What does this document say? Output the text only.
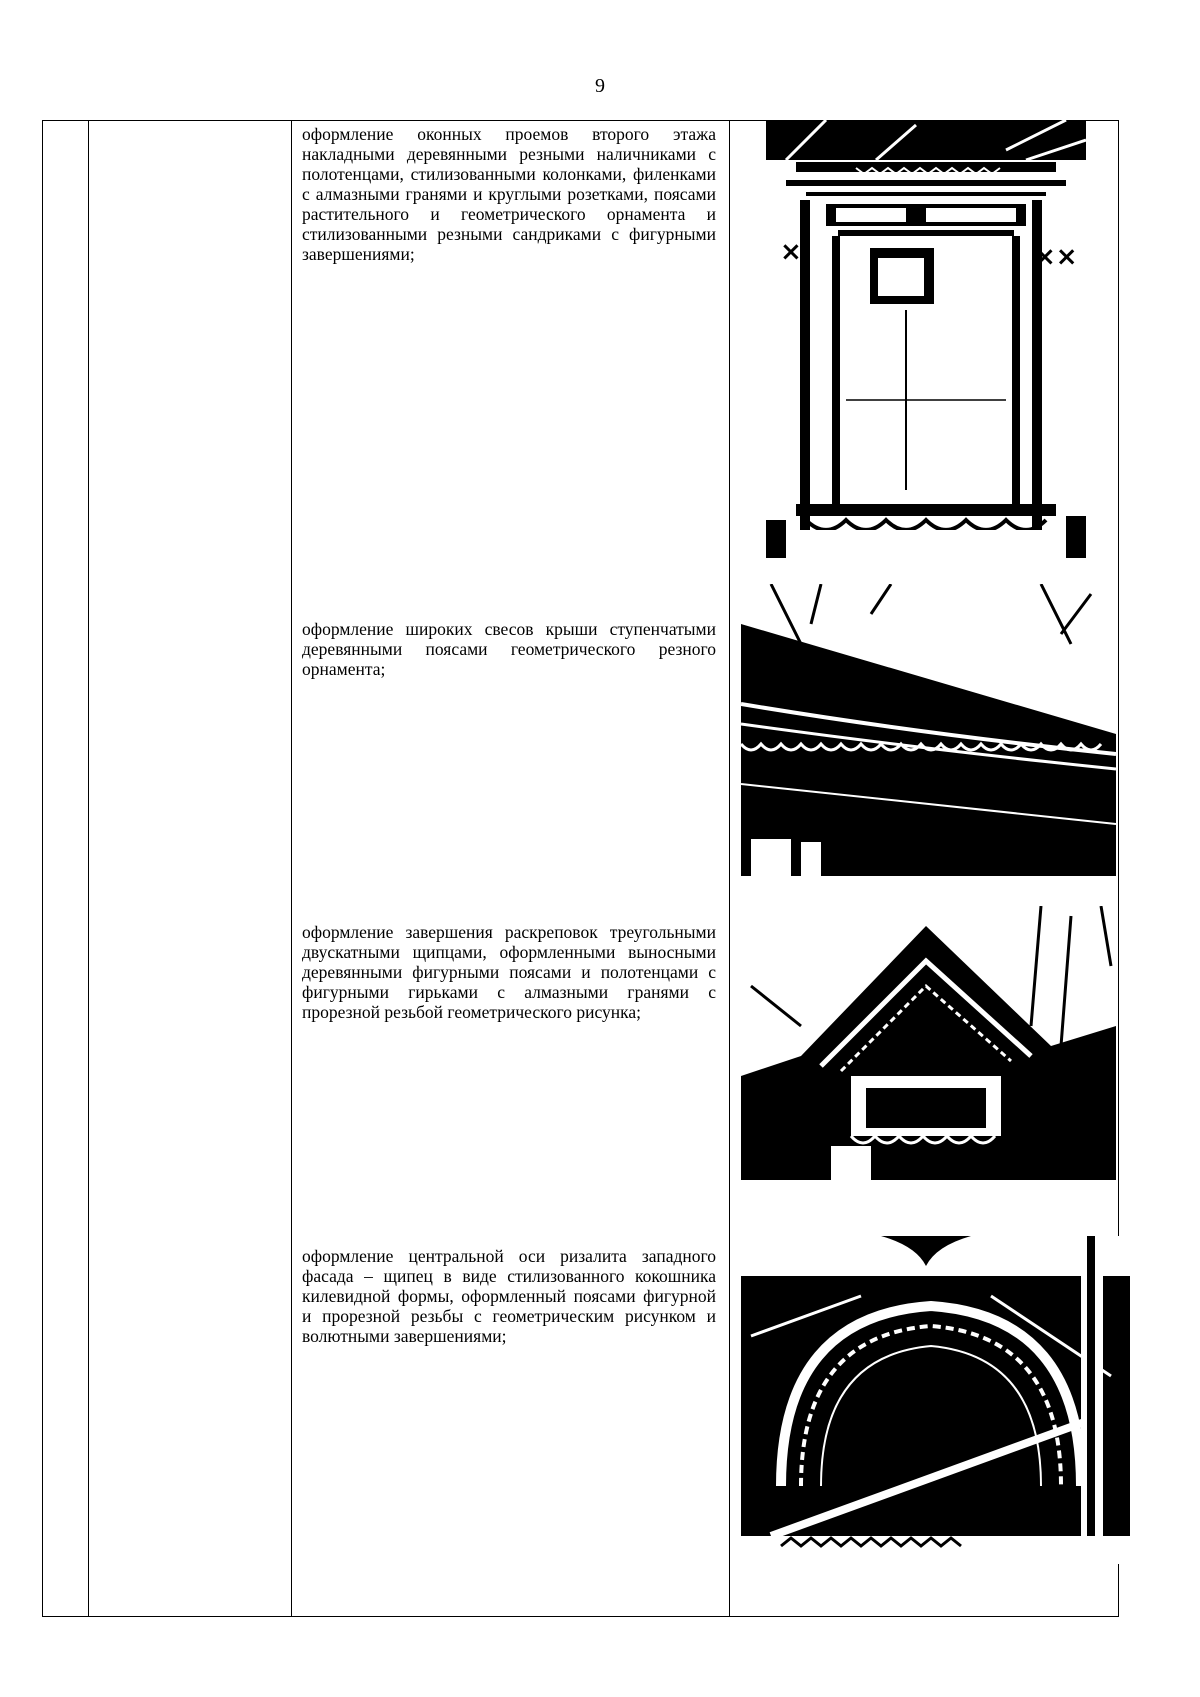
9

оформление оконных проемов второго этажа накладными деревянными резными наличниками с полотенцами, стилизованными колонками, филенками с алмазными гранями и круглыми розетками, поясами растительного и геометрического орнамента и стилизованными резными сандриками с фигурными завершениями;	×	××
оформление широких свесов крыши ступенчатыми деревянными поясами геометрического резного орнамента;
оформление завершения раскреповок треугольными двускатными щипцами, оформленными выносными деревянными фигурными поясами и полотенцами с фигурными гирьками с алмазными гранями с прорезной резьбой геометрического рисунка;
оформление центральной оси ризалита западного фасада – щипец в виде стилизованного кокошника килевидной формы, оформленный поясами фигурной и прорезной резьбы с геометрическим рисунком и волютными завершениями;
